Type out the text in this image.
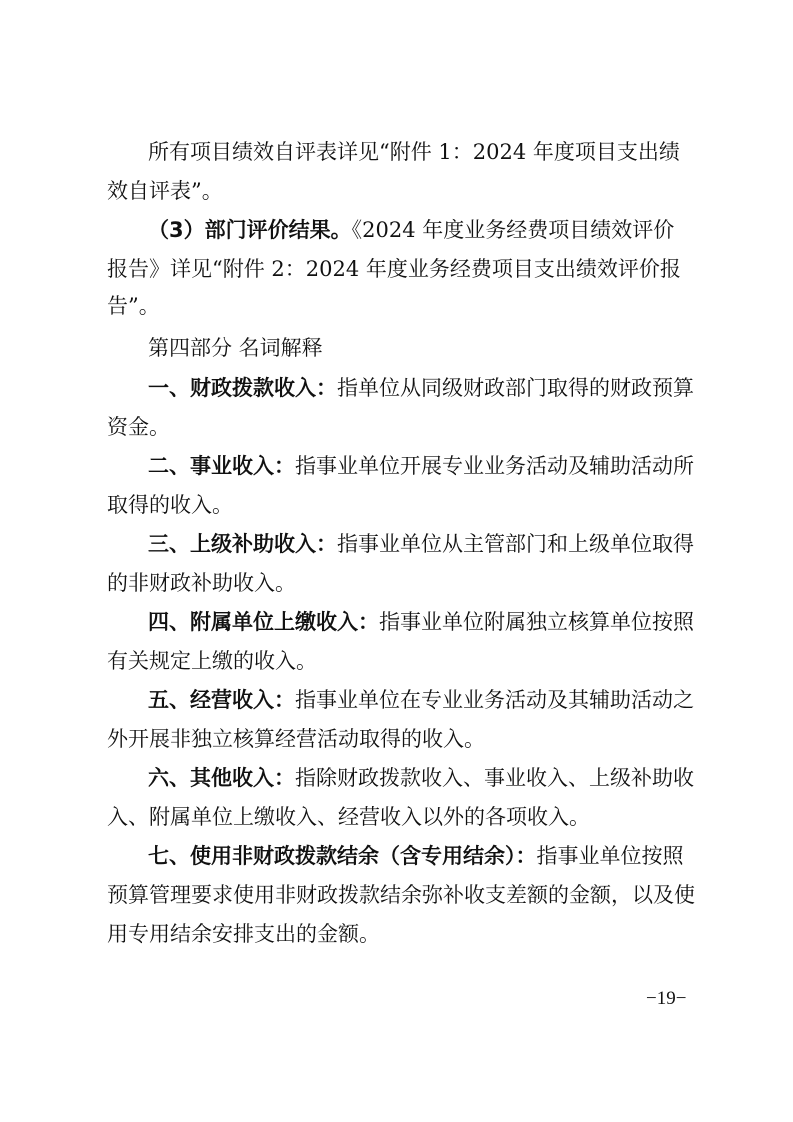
所有项目绩效自评表详见“附件 1：2024 年度项目支出绩
效自评表”。
（3）部门评价结果。《2024 年度业务经费项目绩效评价
报告》详见“附件 2：2024 年度业务经费项目支出绩效评价报
告”。
第四部分 名词解释
一、财政拨款收入：指单位从同级财政部门取得的财政预算
资金。
二、事业收入：指事业单位开展专业业务活动及辅助活动所
取得的收入。
三、上级补助收入：指事业单位从主管部门和上级单位取得
的非财政补助收入。
四、附属单位上缴收入：指事业单位附属独立核算单位按照
有关规定上缴的收入。
五、经营收入：指事业单位在专业业务活动及其辅助活动之
外开展非独立核算经营活动取得的收入。
六、其他收入：指除财政拨款收入、事业收入、上级补助收
入、附属单位上缴收入、经营收入以外的各项收入。
七、使用非财政拨款结余（含专用结余）：指事业单位按照
预算管理要求使用非财政拨款结余弥补收支差额的金额，以及使
用专用结余安排支出的金额。
−19−
